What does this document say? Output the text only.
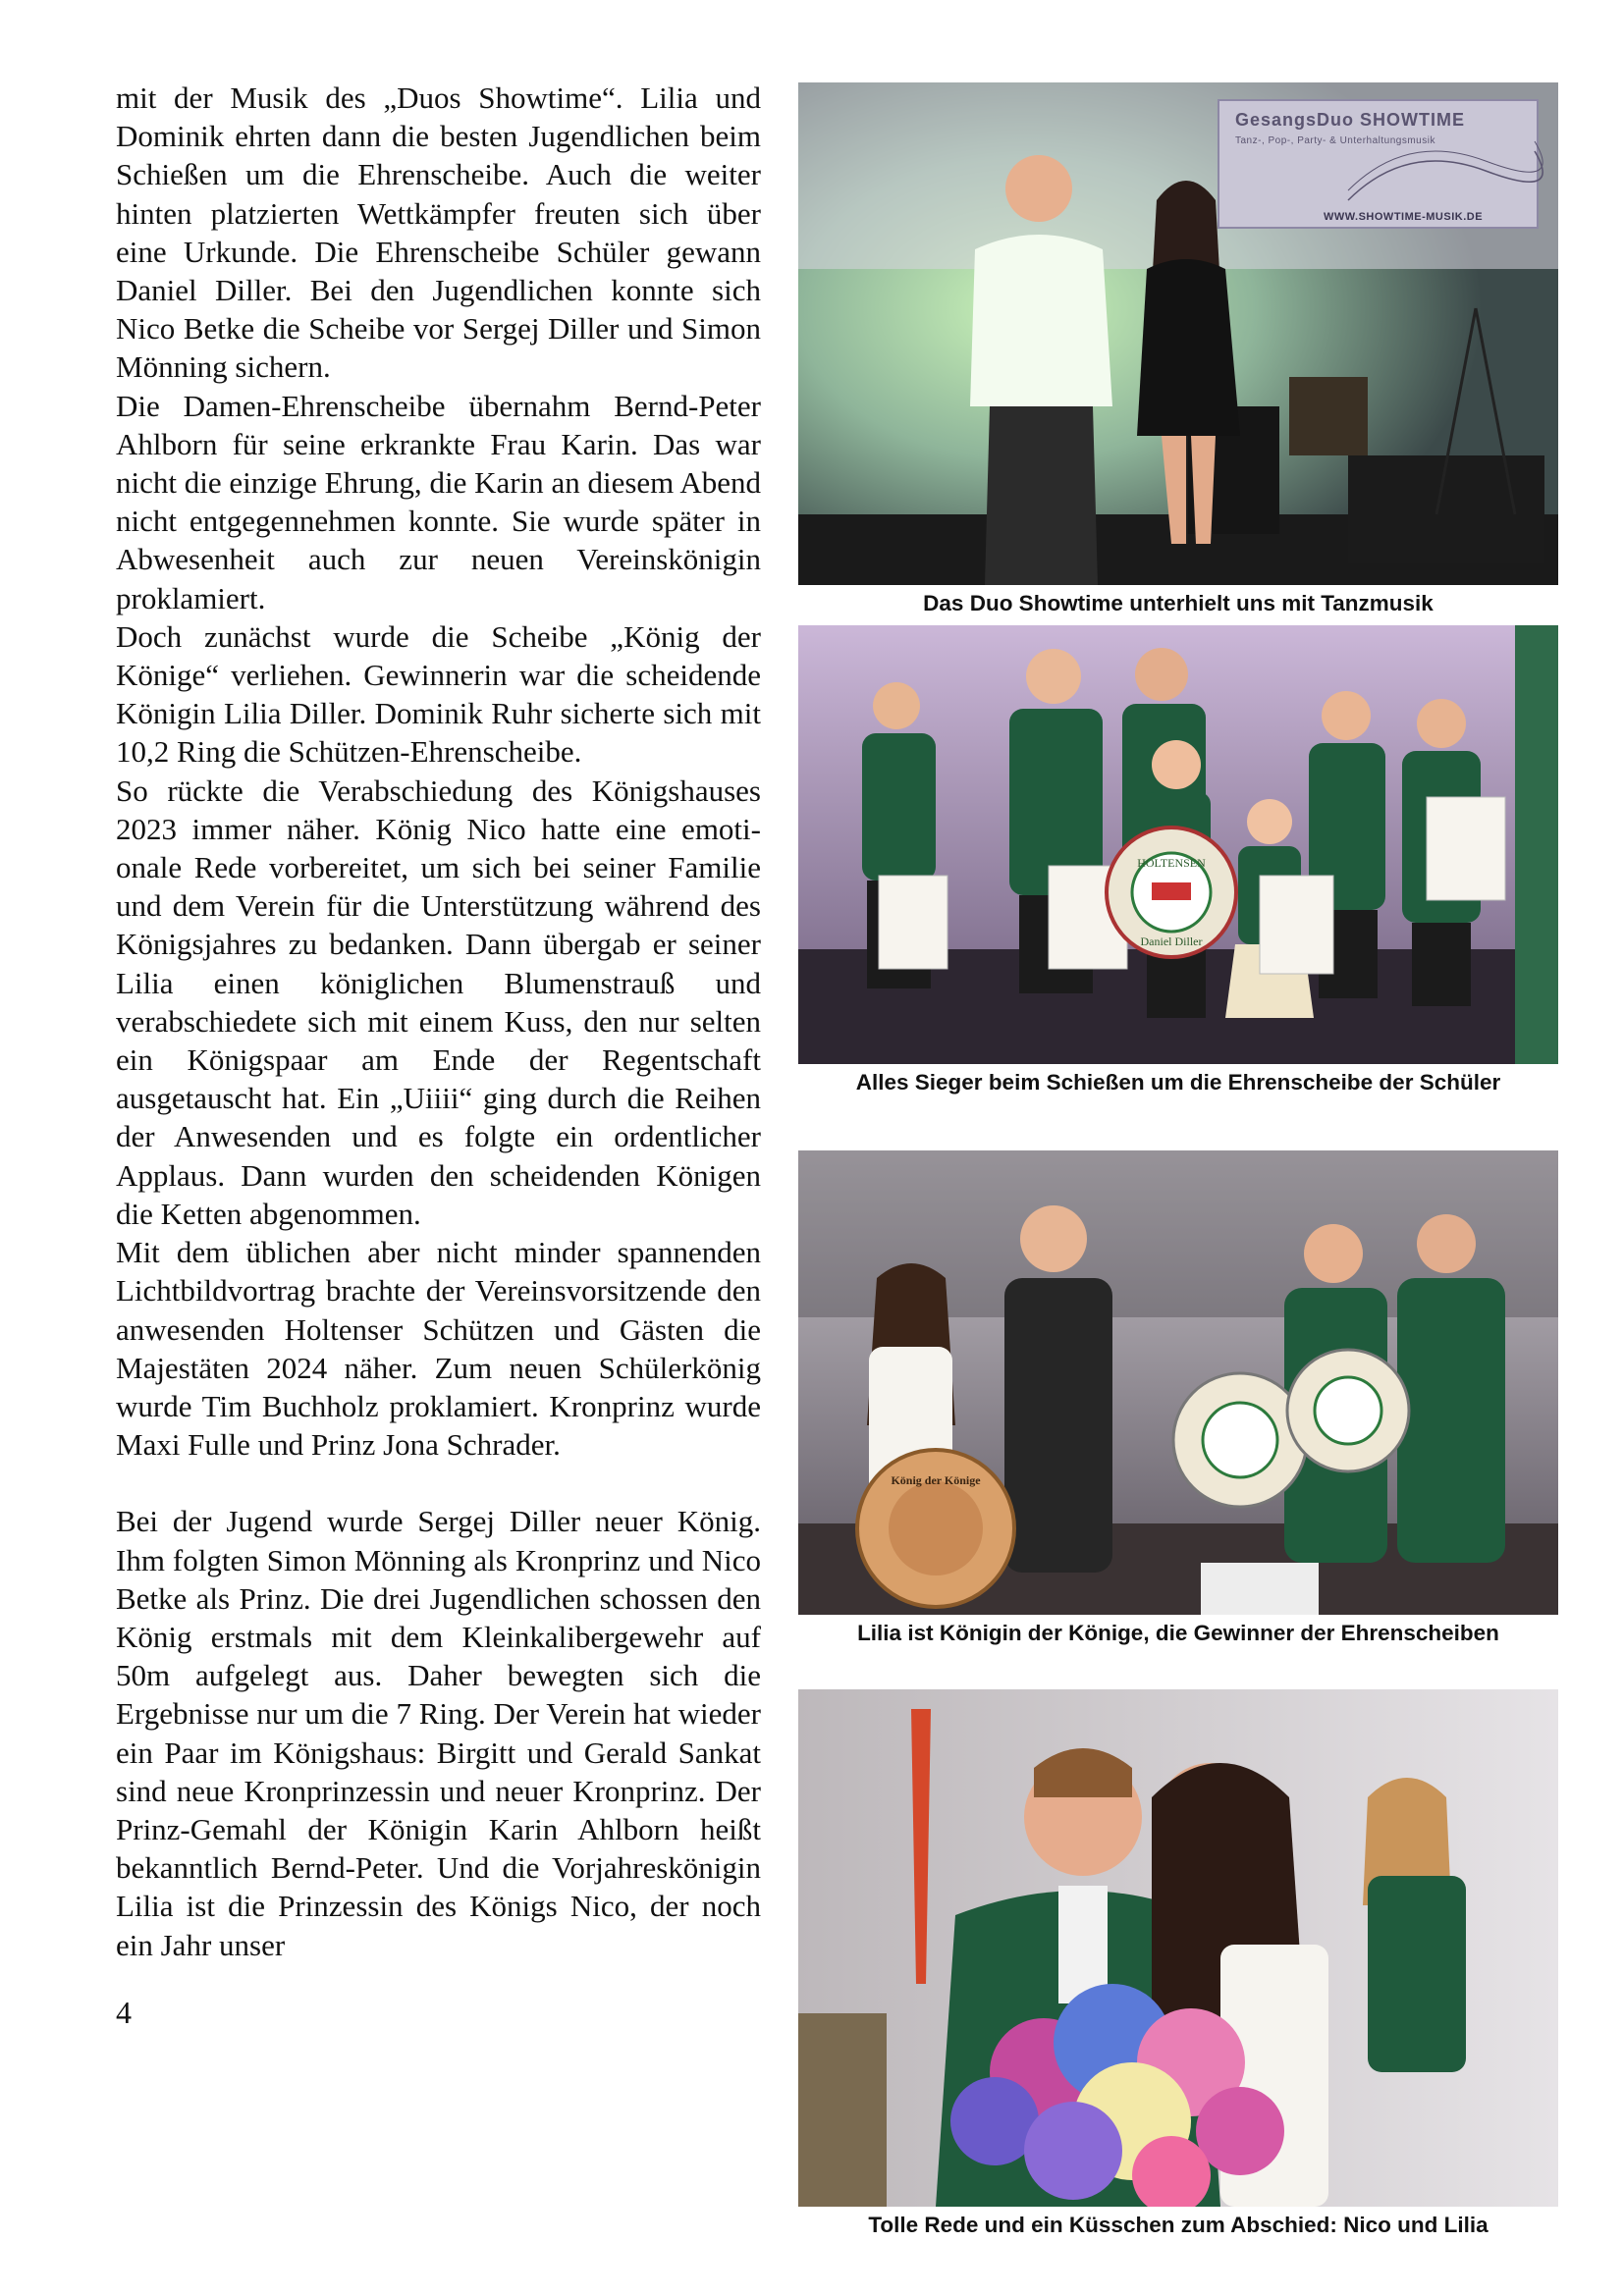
mit der Musik des „Duos Showtime“. Lilia und Dominik ehrten dann die besten Jugendlichen beim Schießen um die Ehrenscheibe. Auch die weiter hinten platzierten Wettkämpfer freuten sich über eine Urkunde. Die Ehrenscheibe Schüler gewann Daniel Diller. Bei den Jugendlichen konnte sich Nico Betke die Scheibe vor Sergej Diller und Simon Mönning sichern.

Die Damen-Ehrenscheibe übernahm Bernd-Peter Ahlborn für seine erkrankte Frau Karin. Das war nicht die einzige Ehrung, die Karin an diesem Abend nicht entgegennehmen konnte. Sie wurde später in Abwesenheit auch zur neuen Vereinskönigin proklamiert.

Doch zunächst wurde die Scheibe „König der Könige“ verliehen. Gewinnerin war die scheidende Königin Lilia Diller. Dominik Ruhr sicherte sich mit 10,2 Ring die Schützen-Ehrenscheibe.

So rückte die Verabschiedung des Königshauses 2023 immer näher. König Nico hatte eine emotionale Rede vorbereitet, um sich bei seiner Familie und dem Verein für die Unterstützung während des Königsjahres zu bedanken. Dann übergab er seiner Lilia einen königlichen Blumenstrauß und verabschiedete sich mit einem Kuss, den nur selten ein Königspaar am Ende der Regentschaft ausgetauscht hat. Ein „Uiiii“ ging durch die Reihen der Anwesenden und es folgte ein ordentlicher Applaus. Dann wurden den scheidenden Königen die Ketten abgenommen.

Mit dem üblichen aber nicht minder spannenden Lichtbildvortrag brachte der Vereinsvorsitzende den anwesenden Holtenser Schützen und Gästen die Majestäten 2024 näher. Zum neuen Schülerkönig wurde Tim Buchholz proklamiert. Kronprinz wurde Maxi Fulle und Prinz Jona Schrader.

Bei der Jugend wurde Sergej Diller neuer König. Ihm folgten Simon Mönning als Kronprinz und Nico Betke als Prinz. Die drei Jugendlichen schossen den König erstmals mit dem Kleinkalibergewehr auf 50m aufgelegt aus. Daher bewegten sich die Ergebnisse nur um die 7 Ring. Der Verein hat wieder ein Paar im Königshaus: Birgitt und Gerald Sankat sind neue Kronprinzessin und neuer Kronprinz. Der Prinz-Gemahl der Königin Karin Ahlborn heißt bekanntlich Bernd-Peter. Und die Vorjahreskönigin Lilia ist die Prinzessin des Königs Nico, der noch ein Jahr unser

4
GesangsDuo SHOWTIME
Tanz-, Pop-, Party- & Unterhaltungsmusik
WWW.SHOWTIME-MUSIK.DE
Das Duo Showtime unterhielt uns mit Tanzmusik
Daniel Diller
HOLTENSEN
Alles Sieger beim Schießen um die Ehrenscheibe der Schüler
König der Könige
Lilia ist Königin der Könige, die Gewinner der Ehrenscheiben
Tolle Rede und ein Küsschen zum Abschied: Nico und Lilia
